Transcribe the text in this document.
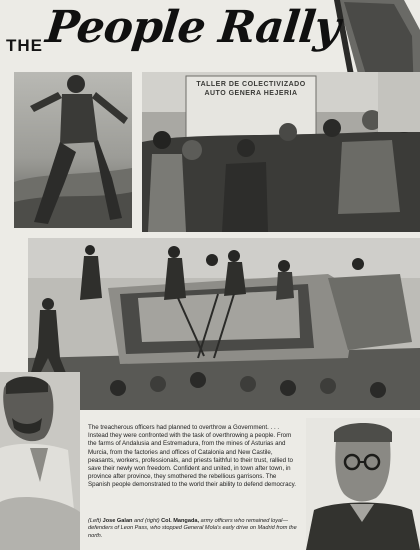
THE People Rally
TALLER DE COLECTIVIZADO AUTO GENERA HEJERIA
The treacherous officers had planned to overthrow a Government. . . . Instead they were confronted with the task of overthrowing a people. From the farms of Andalusia and Estremadura, from the mines of Asturias and Murcia, from the factories and offices of Catalonia and New Castile, peasants, workers, professionals, and priests faithful to their trust, rallied to save their newly won freedom. Confident and united, in town after town, in province after province, they smothered the rebellious garrisons. The Spanish people demonstrated to the world their ability to defend democracy.
(Left) Jose Galan and (right) Col. Mangada, army officers who remained loyal—defenders of Leon Pass, who stopped General Mola's early drive on Madrid from the north.
